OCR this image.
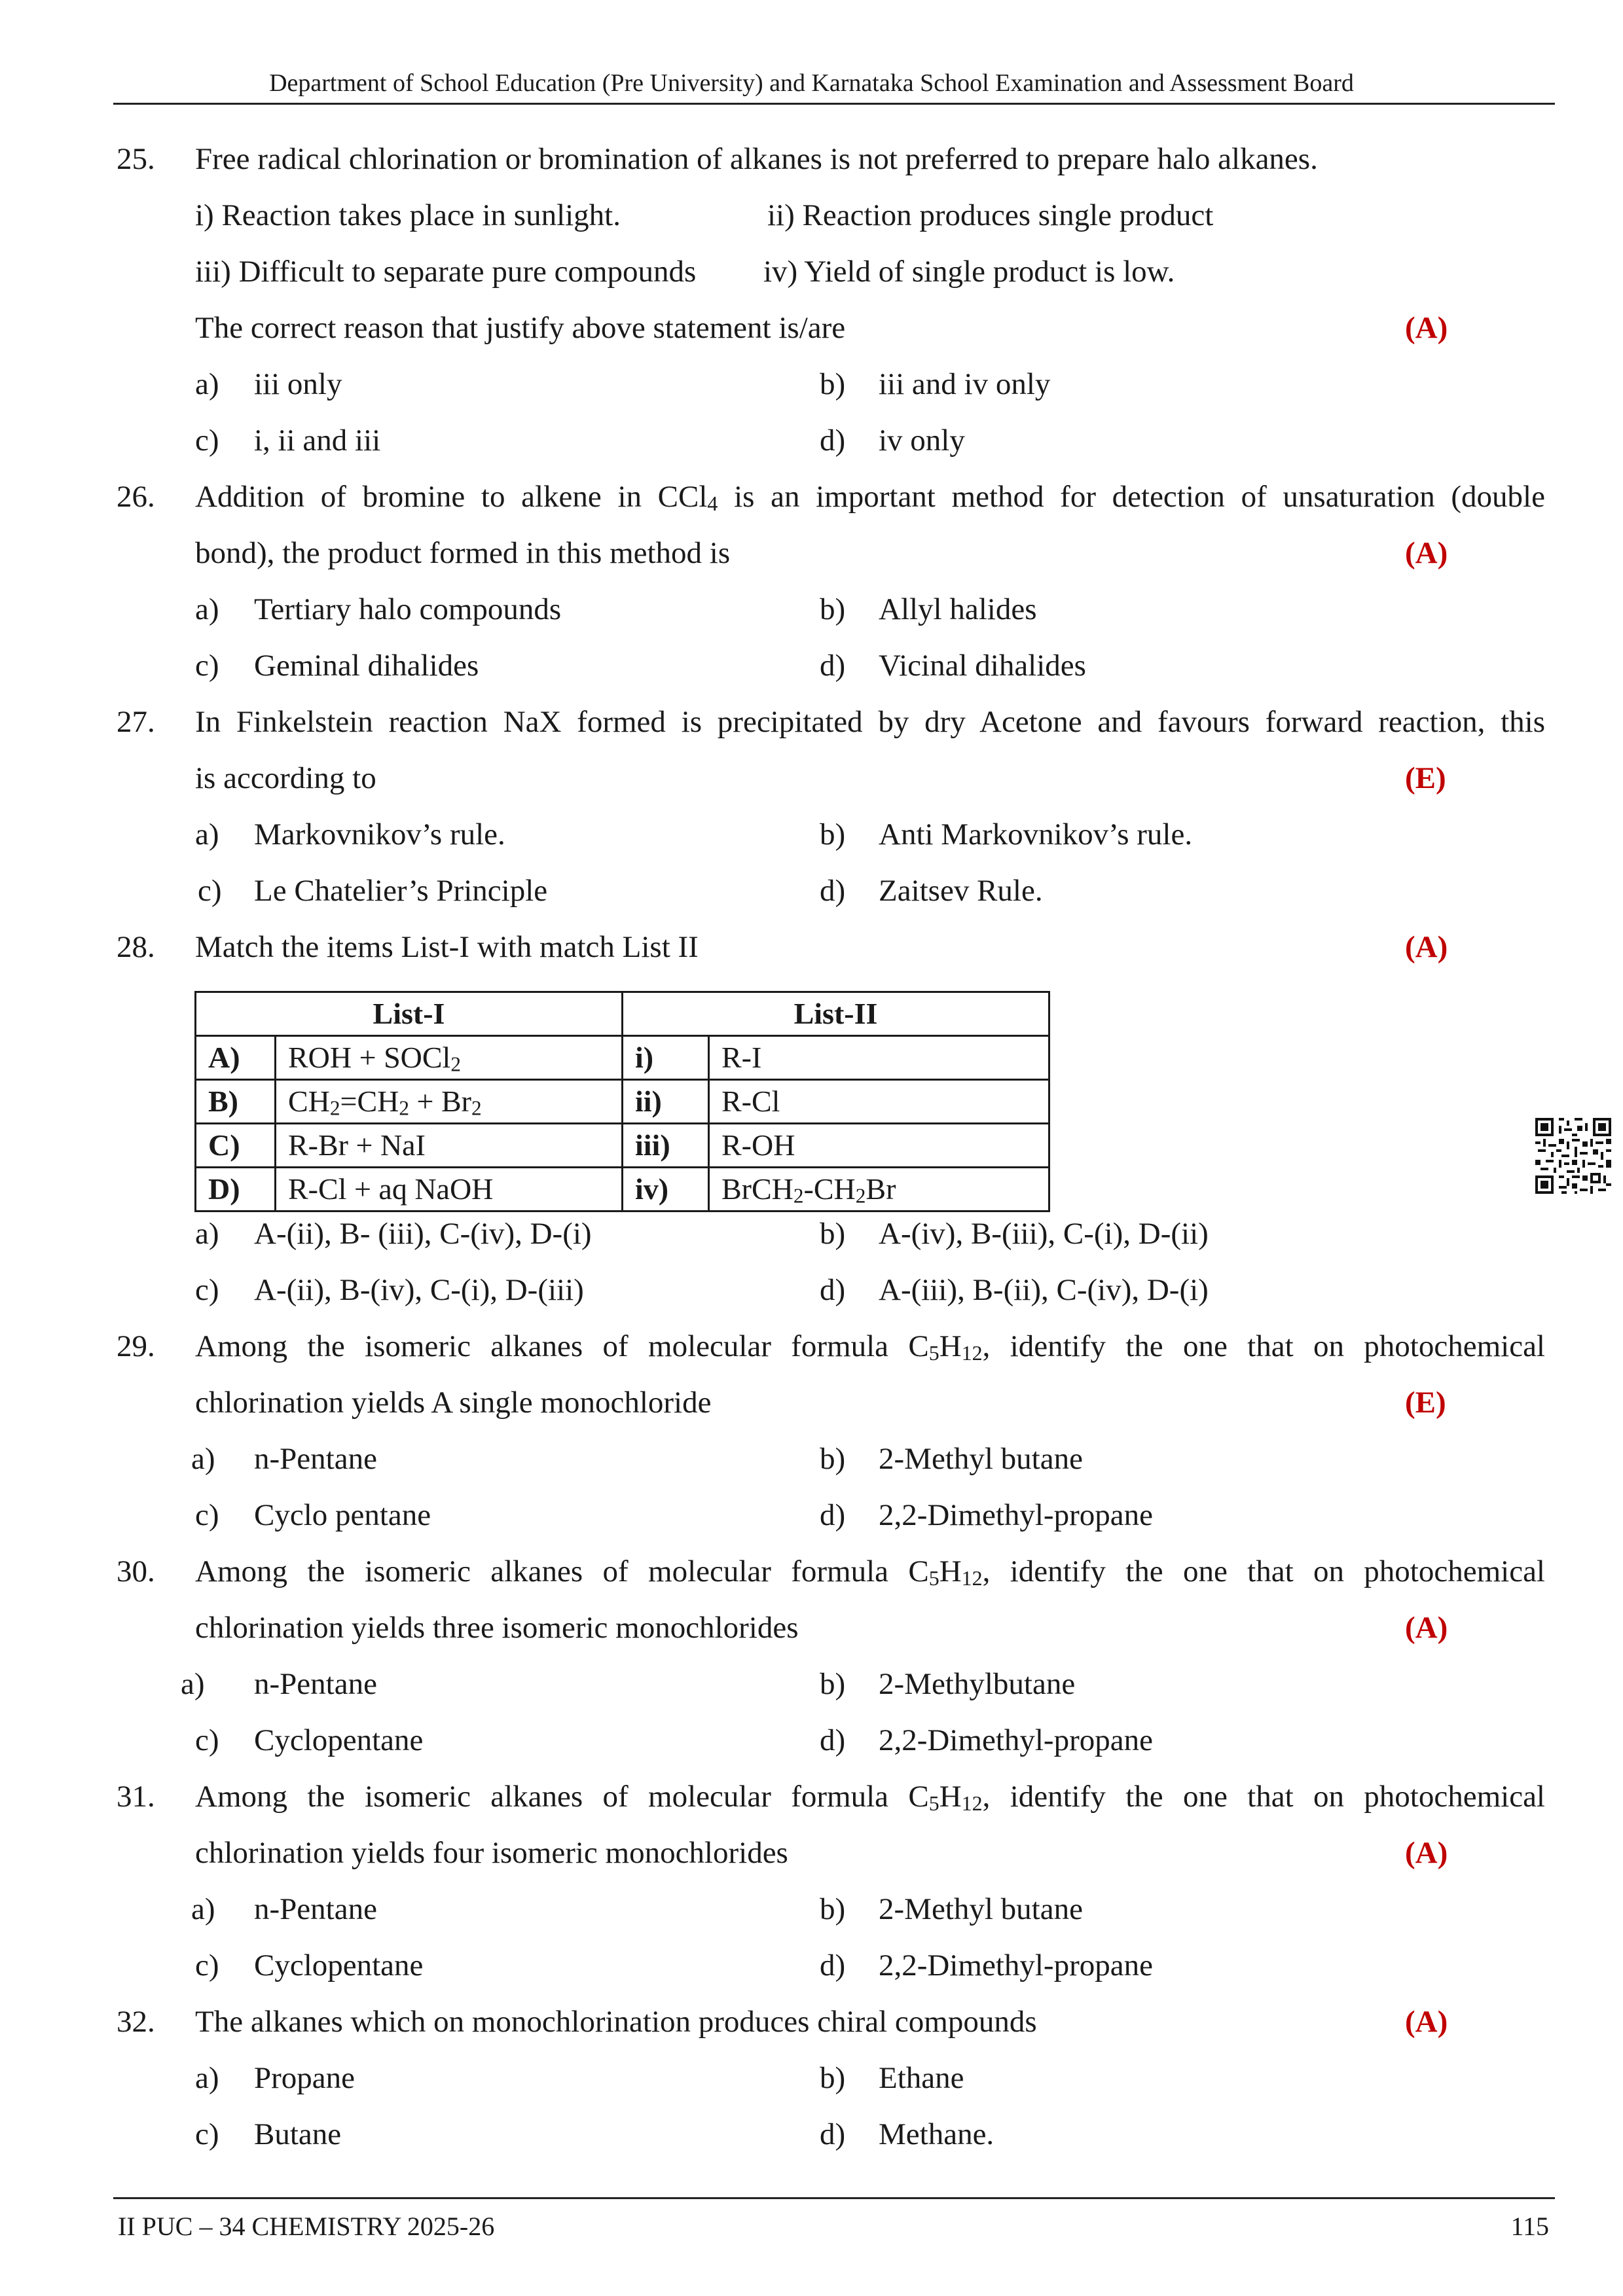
Department of School Education (Pre University) and Karnataka School Examination and Assessment Board
25. Free radical chlorination or bromination of alkanes is not preferred to prepare halo alkanes.
i) Reaction takes place in sunlight.	ii) Reaction produces single product
iii) Difficult to separate pure compounds iv) Yield of single product is low.
The correct reason that justify above statement is/are	(A)
a) iii only	b) iii and iv only
c) i, ii and iii	d) iv only
26. Addition of bromine to alkene in CCl$_4$ is an important method for detection of unsaturation (double
bond), the product formed in this method is	(A)
a) Tertiary halo compounds	b) Allyl halides
c) Geminal dihalides	d) Vicinal dihalides
27. In Finkelstein reaction NaX formed is precipitated by dry Acetone and favours forward reaction, this
is according to	(E)
a) Markovnikov’s rule.	b) Anti Markovnikov’s rule.
c) Le Chatelier’s Principle	d) Zaitsev Rule.
28. Match the items List-I with match List II	(A)
List-I		List-II	
A)	ROH + SOCl$_2$	i)	R-I
B)	$CH_2=CH_2 + Br_2$	ii)	R-Cl
C)	R-Br + NaI	iii)	R-OH
D)	R-Cl + aq NaOH	iv)	$BrCH_2-CH_2Br$
a) A-(ii), B- (iii), C-(iv), D-(i)	b) A-(iv), B-(iii), C-(i), D-(ii)
c) A-(ii), B-(iv), C-(i), D-(iii)	d) A-(iii), B-(ii), C-(iv), D-(i)
29. Among the isomeric alkanes of molecular formula $C_5H_{12}$, identify the one that on photochemical
chlorination yields A single monochloride	(E)
a) n-Pentane	b) 2-Methyl butane
c) Cyclo pentane	d) 2,2-Dimethyl-propane
30. Among the isomeric alkanes of molecular formula $C_5H_{12}$, identify the one that on photochemical
chlorination yields three isomeric monochlorides	(A)
a) n-Pentane	b) 2-Methylbutane
c) Cyclopentane	d) 2,2-Dimethyl-propane
31. Among the isomeric alkanes of molecular formula $C_5H_{12}$, identify the one that on photochemical
chlorination yields four isomeric monochlorides	(A)
a) n-Pentane	b) 2-Methyl butane
c) Cyclopentane	d) 2,2-Dimethyl-propane
32. The alkanes which on monochlorination produces chiral compounds	(A)
a) Propane	b) Ethane
c) Butane	d) Methane.
II PUC – 34 CHEMISTRY 2025-26	115
